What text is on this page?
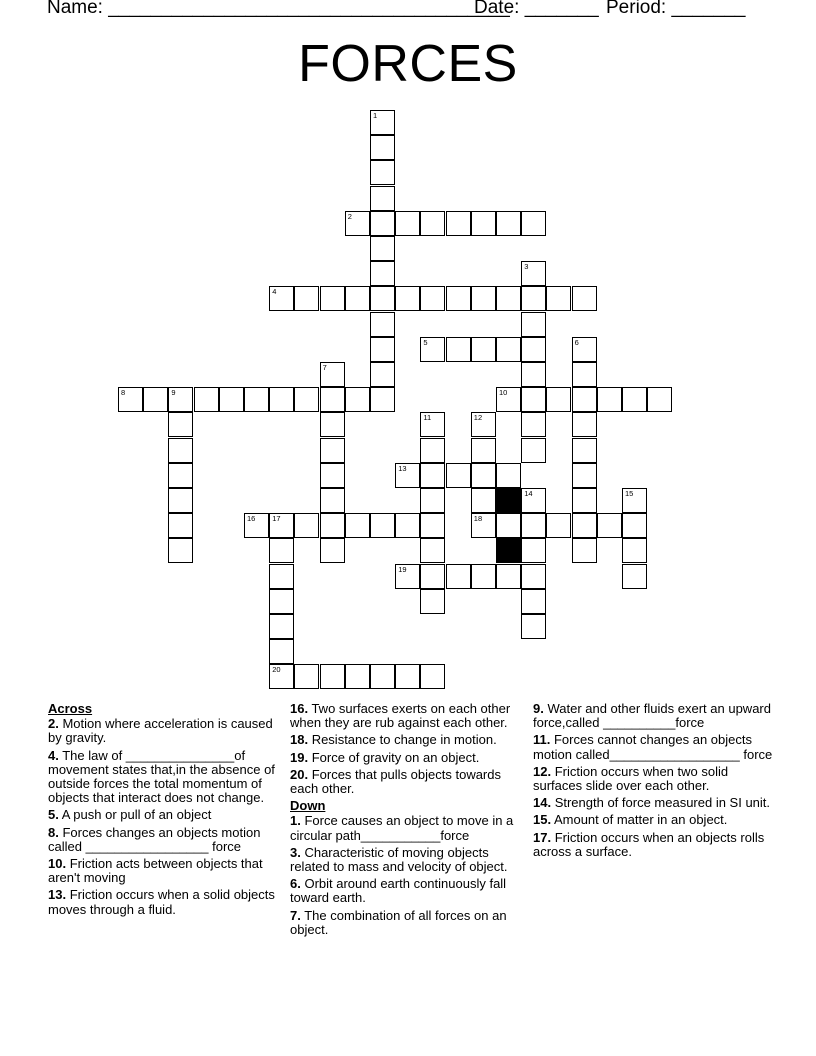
Name: ______________________________________
Date: _______ Period: _______
FORCES
1
2
3
4
5	6
7
8	9	10
11	12
18
13
14	15
16 17
20
19
Across
2. Motion where acceleration is caused by gravity.
4. The law of _______________of movement states that,in the absence of outside forces the total momentum of objects that interact does not change.
5. A push or pull of an object
8. Forces changes an objects motion called _________________ force
10. Friction acts between objects that aren't moving
13. Friction occurs when a solid objects moves through a fluid.
16. Two surfaces exerts on each other when they are rub against each other.
18. Resistance to change in motion.
19. Force of gravity on an object.
20. Forces that pulls objects towards each other.
Down
1. Force causes an object to move in a circular path___________force
3. Characteristic of moving objects related to mass and velocity of object.
6. Orbit around earth continuously fall toward earth.
7. The combination of all forces on an object.
9. Water and other fluids exert an upward force,called __________force
11. Forces cannot changes an objects motion called__________________ force
12. Friction occurs when two solid surfaces slide over each other.
14. Strength of force measured in SI unit.
15. Amount of matter in an object.
17. Friction occurs when an objects rolls across a surface.
